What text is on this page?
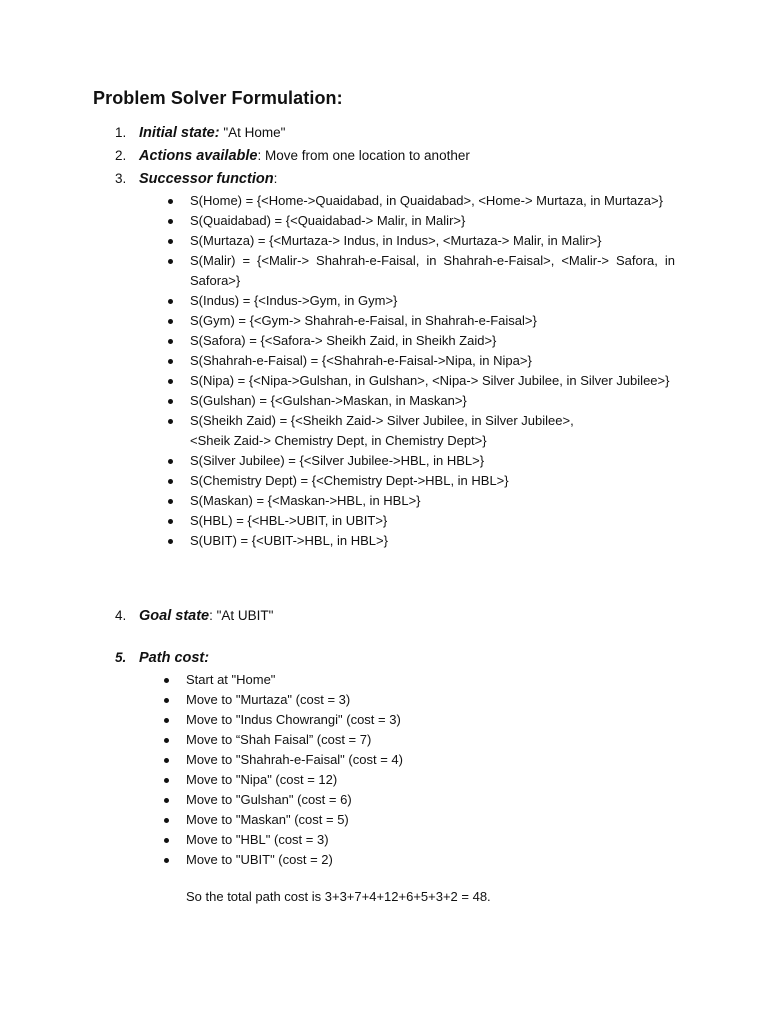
Problem Solver Formulation:
1. Initial state: "At Home"
2. Actions available: Move from one location to another
3. Successor function:
S(Home) = {<Home->Quaidabad, in Quaidabad>, <Home-> Murtaza, in Murtaza>}
S(Quaidabad) = {<Quaidabad-> Malir, in Malir>}
S(Murtaza) = {<Murtaza-> Indus, in Indus>, <Murtaza-> Malir, in Malir>}
S(Malir) = {<Malir-> Shahrah-e-Faisal, in Shahrah-e-Faisal>, <Malir-> Safora, in Safora>}
S(Indus) = {<Indus->Gym, in Gym>}
S(Gym) = {<Gym-> Shahrah-e-Faisal, in Shahrah-e-Faisal>}
S(Safora) = {<Safora-> Sheikh Zaid, in Sheikh Zaid>}
S(Shahrah-e-Faisal) = {<Shahrah-e-Faisal->Nipa, in Nipa>}
S(Nipa) = {<Nipa->Gulshan, in Gulshan>, <Nipa-> Silver Jubilee, in Silver Jubilee>}
S(Gulshan) = {<Gulshan->Maskan, in Maskan>}
S(Sheikh Zaid) = {<Sheikh Zaid-> Silver Jubilee, in Silver Jubilee>,
<Sheik Zaid-> Chemistry Dept, in Chemistry Dept>}
S(Silver Jubilee) = {<Silver Jubilee->HBL, in HBL>}
S(Chemistry Dept) = {<Chemistry Dept->HBL, in HBL>}
S(Maskan) = {<Maskan->HBL, in HBL>}
S(HBL) = {<HBL->UBIT, in UBIT>}
S(UBIT) = {<UBIT->HBL, in HBL>}
4. Goal state: "At UBIT"
5. Path cost:
Start at "Home"
Move to "Murtaza" (cost = 3)
Move to "Indus Chowrangi" (cost = 3)
Move to “Shah Faisal” (cost = 7)
Move to "Shahrah-e-Faisal" (cost = 4)
Move to "Nipa" (cost = 12)
Move to "Gulshan" (cost = 6)
Move to "Maskan" (cost = 5)
Move to "HBL" (cost = 3)
Move to "UBIT" (cost = 2)
So the total path cost is 3+3+7+4+12+6+5+3+2 = 48.
